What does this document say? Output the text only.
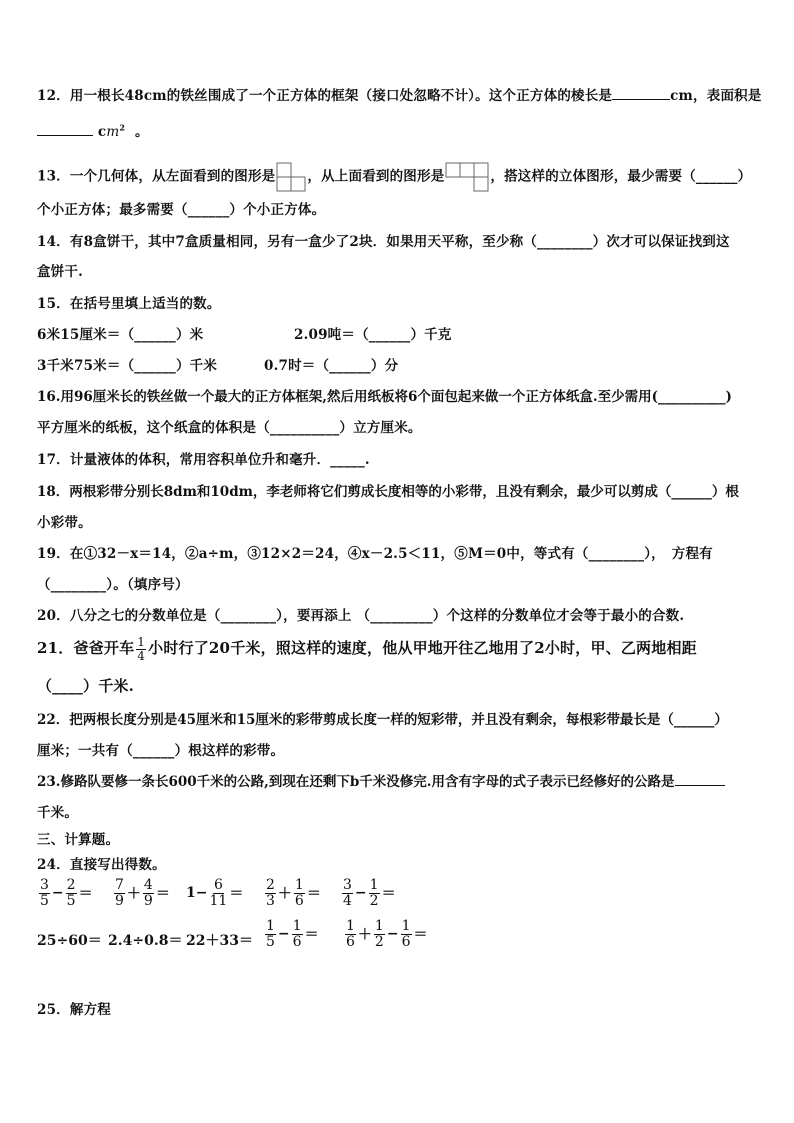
12．用一根长48cm的铁丝围成了一个正方体的框架（接口处忽略不计）。这个正方体的棱长是	cm，表面积是
$cm^2$ 。
13．一个几何体，从左面看到的图形是 ，从上面看到的图形是	，搭这样的立体图形，最少需要（______）
个小正方体；最多需要（______）个小正方体。
14．有8盒饼干，其中7盒质量相同，另有一盒少了2块．如果用天平称，至少称（________）次才可以保证找到这
盒饼干.
15．在括号里填上适当的数。
6米15厘米＝（______）米	2.09吨＝（______）千克
3千米75米＝（______）千米	0.7时＝（______）分
16.用96厘米长的铁丝做一个最大的正方体框架,然后用纸板将6个面包起来做一个正方体纸盒.至少需用(__________)
平方厘米的纸板，这个纸盒的体积是（__________）立方厘米。
17．计量液体的体积，常用容积单位升和毫升．_____.
18．两根彩带分别长8dm和10dm，李老师将它们剪成长度相等的小彩带，且没有剩余，最少可以剪成（______）根
小彩带。
19．在①32－x＝14，②a÷m，③12×2＝24，④x－2.5＜11，⑤M＝0中，等式有（________），　方程有
（________）。（填序号）
20．八分之七的分数单位是（________），要再添上 （_________）个这样的分数单位才会等于最小的合数.
21．爸爸开车 $\frac{1}{4}$ 小时行了20千米，照这样的速度，他从甲地开往乙地用了2小时，甲、乙两地相距
（____）千米.
22．把两根长度分别是45厘米和15厘米的彩带剪成长度一样的短彩带，并且没有剩余，每根彩带最长是（______）
厘米；一共有（______）根这样的彩带。
23.修路队要修一条长600千米的公路,到现在还剩下b千米没修完.用含有字母的式子表示已经修好的公路是
千米。
三、计算题。
24．直接写出得数。
$\frac{3}{5} - \frac{2}{5} = \frac{7}{9} + \frac{4}{9} = 1- \frac{6}{11} = \frac{2}{3} + \frac{1}{6} = \frac{3}{4} - \frac{1}{2}$ ＝
$25\div 60= 2.4\div 0.8= 22+33= \frac{1}{5} - \frac{1}{6} = \frac{1}{6} + \frac{1}{2} - \frac{1}{6}$ ＝
25．解方程
